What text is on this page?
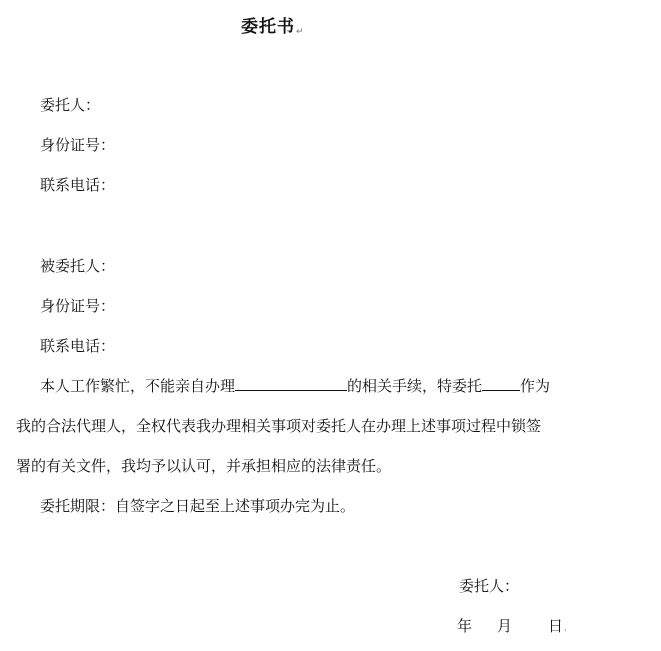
委托书↵
委托人：
身份证号：
联系电话：
被委托人：
身份证号：
联系电话：
本人工作繁忙，不能亲自办理	的相关手续，特委托	作为
我的合法代理人，全权代表我办理相关事项对委托人在办理上述事项过程中锁签
署的有关文件，我均予以认可，并承担相应的法律责任。
委托期限：自签字之日起至上述事项办完为止。
委托人：
年 月 日·
